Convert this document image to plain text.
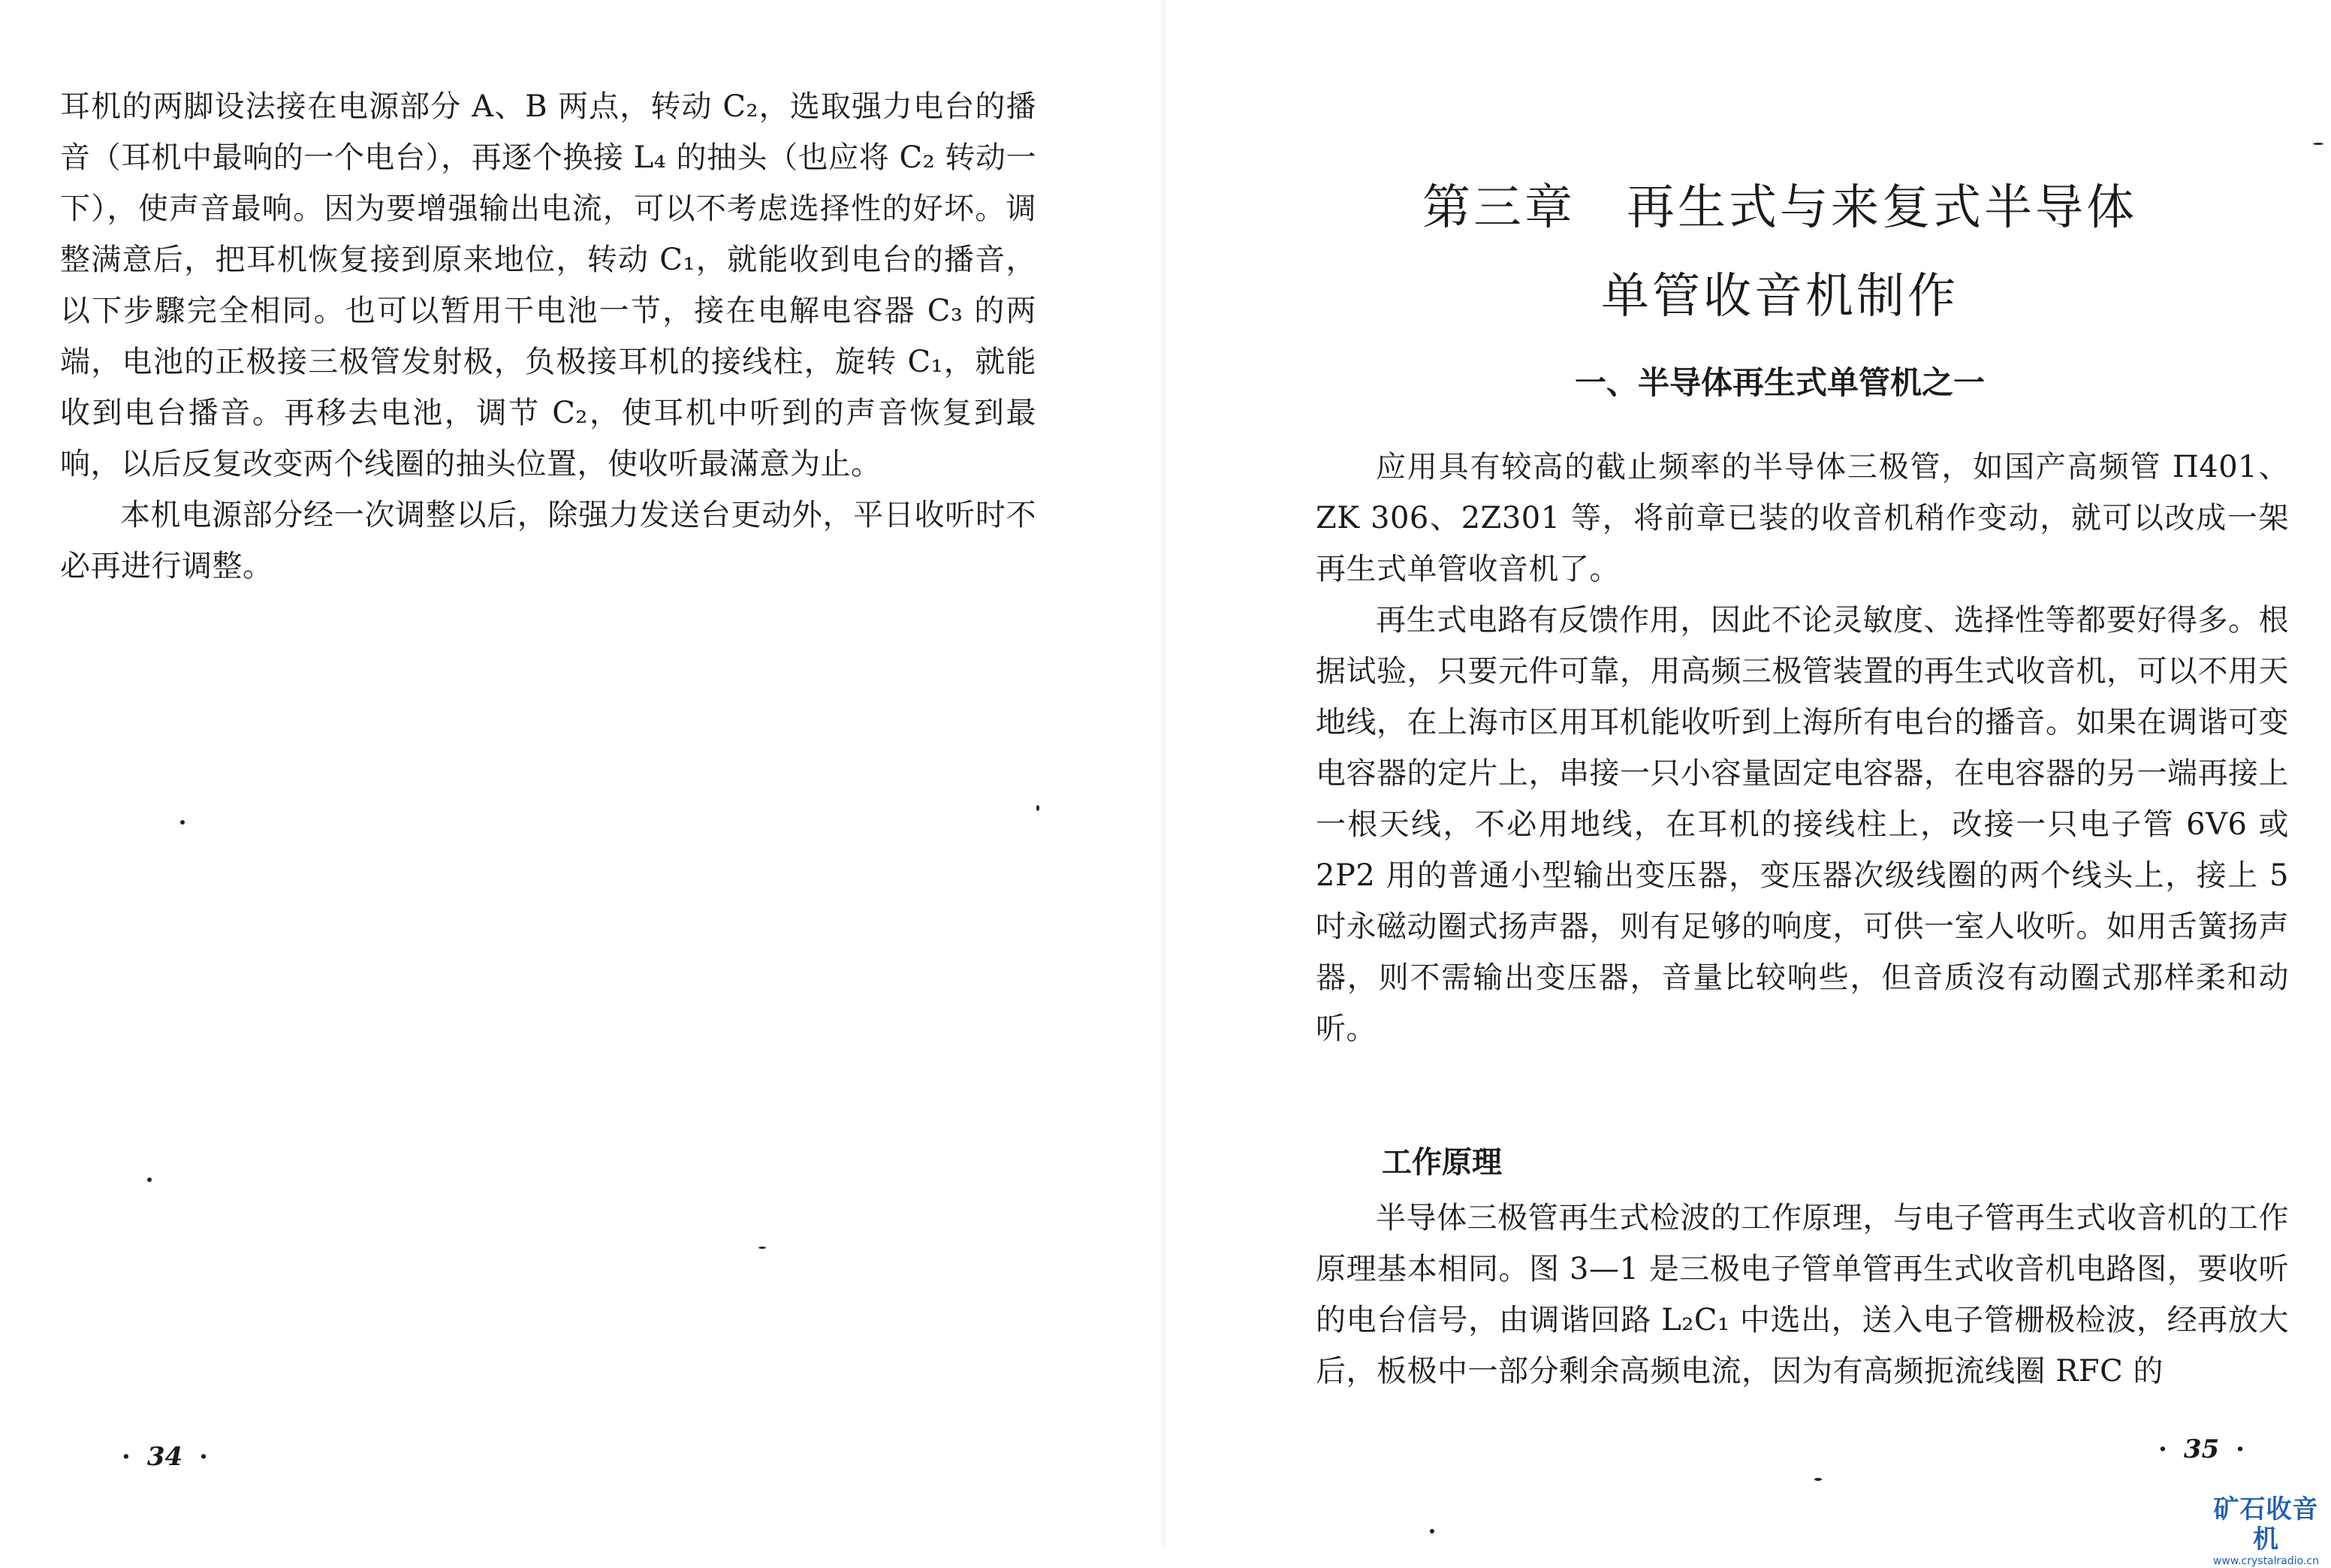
耳机的两脚设法接在电源部分 A、B 两点，转动 C₂，选取强力电台的播音（耳机中最响的一个电台），再逐个换接 L₄ 的抽头（也应将 C₂ 转动一下），使声音最响。因为要增强输出电流，可以不考虑选择性的好坏。调整满意后，把耳机恢复接到原来地位，转动 C₁，就能收到电台的播音，以下步驟完全相同。也可以暂用干电池一节，接在电解电容器 C₃ 的两端，电池的正极接三极管发射极，负极接耳机的接线柱，旋转 C₁，就能收到电台播音。再移去电池，调节 C₂，使耳机中听到的声音恢复到最响，以后反复改变两个线圈的抽头位置，使收听最滿意为止。

本机电源部分经一次调整以后，除强力发送台更动外，平日收听时不必再进行调整。

· 34 ·
第三章　再生式与来复式半导体
单管收音机制作
一、半导体再生式单管机之一

应用具有较高的截止频率的半导体三极管，如国产高频管 П401、ZK 306、2Z301 等，将前章已装的收音机稍作变动，就可以改成一架再生式单管收音机了。

再生式电路有反馈作用，因此不论灵敏度、选择性等都要好得多。根据试验，只要元件可靠，用高频三极管装置的再生式收音机，可以不用天地线，在上海市区用耳机能收听到上海所有电台的播音。如果在调谐可变电容器的定片上，串接一只小容量固定电容器，在电容器的另一端再接上一根天线，不必用地线，在耳机的接线柱上，改接一只电子管 6V6 或 2P2 用的普通小型输出变压器，变压器次级线圈的两个线头上，接上 5 吋永磁动圈式扬声器，则有足够的响度，可供一室人收听。如用舌簧扬声器，则不需输出变压器，音量比较响些，但音质沒有动圈式那样柔和动听。

工作原理

半导体三极管再生式检波的工作原理，与电子管再生式收音机的工作原理基本相同。图 3—1 是三极电子管单管再生式收音机电路图，要收听的电台信号，由调谐回路 L₂C₁ 中选出，送入电子管栅极检波，经再放大后，板极中一部分剩余高频电流，因为有高频扼流线圈 RFC 的

· 35 ·
矿石收音机
www.crystalradio.cn
